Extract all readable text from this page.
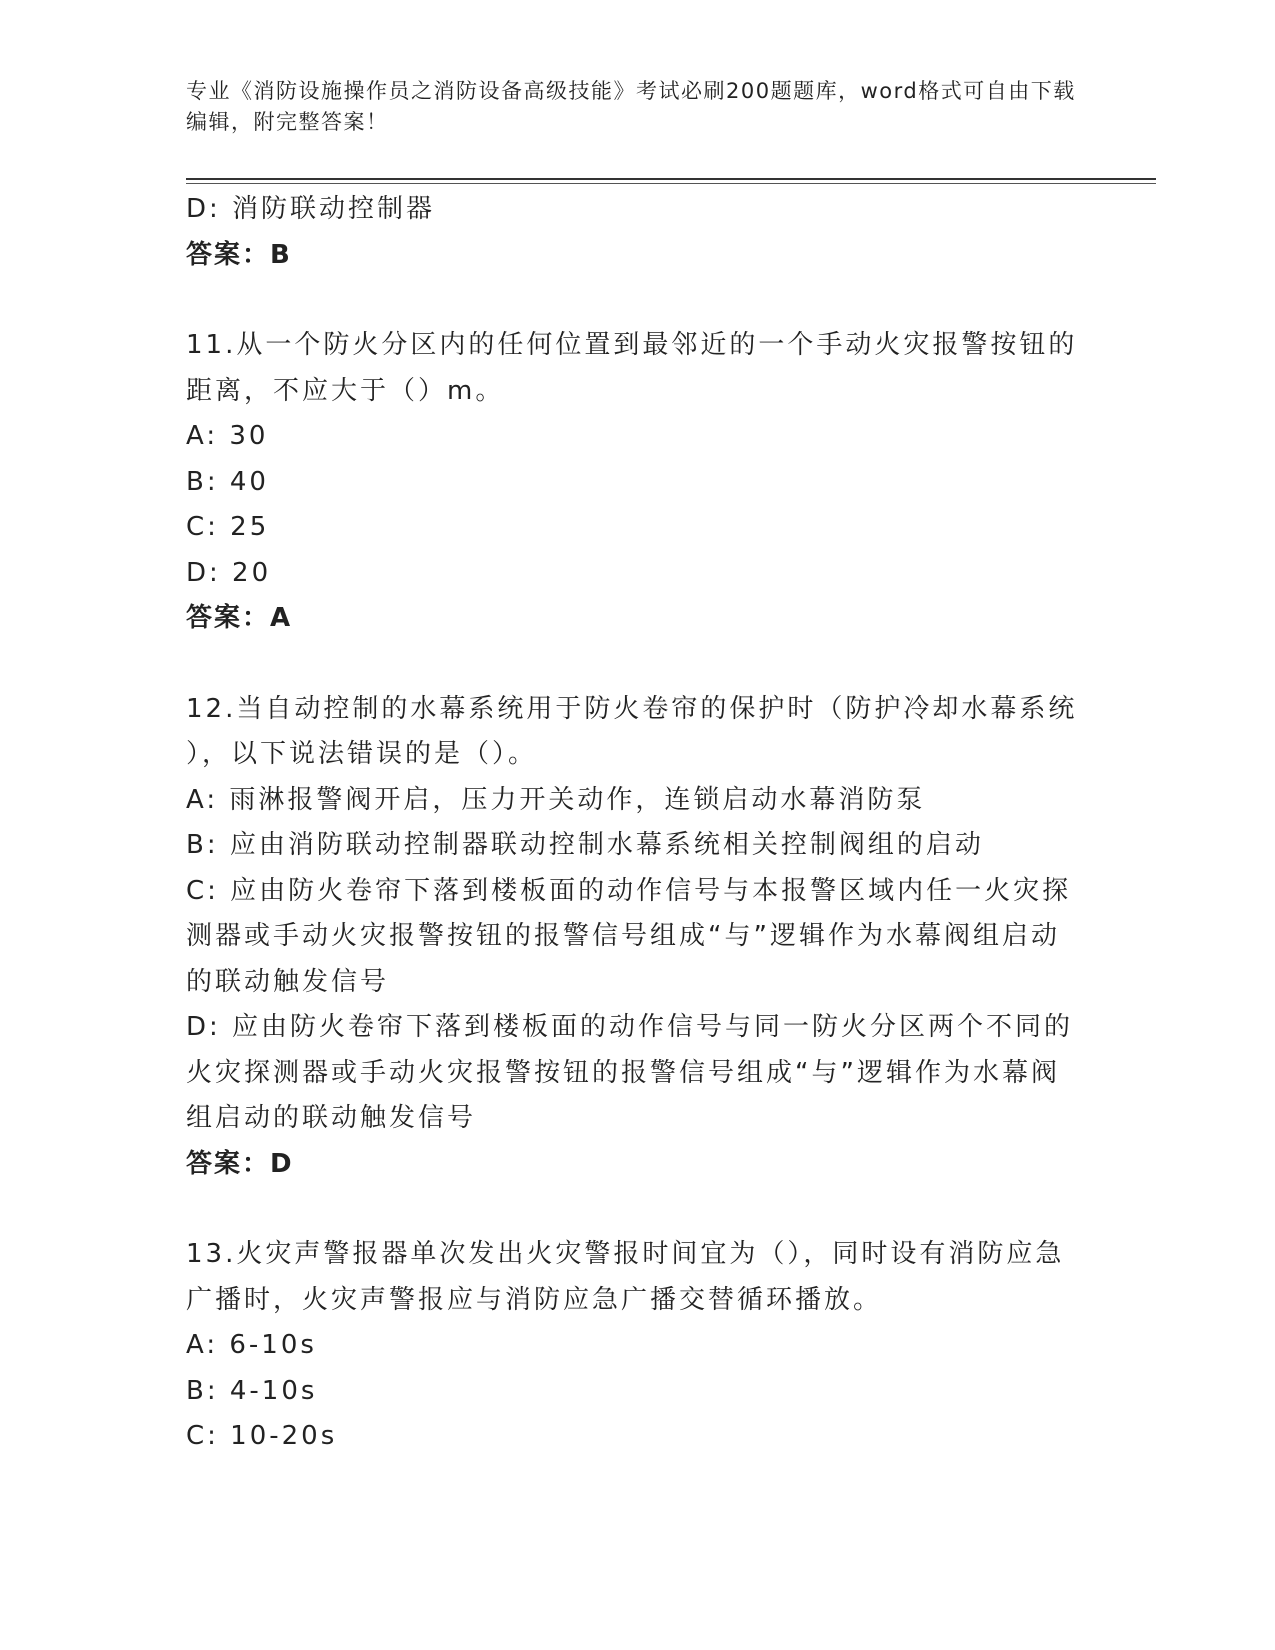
专业《消防设施操作员之消防设备高级技能》考试必刷200题题库，word格式可自由下载编辑，附完整答案！
D: 消防联动控制器
答案：B
11.从一个防火分区内的任何位置到最邻近的一个手动火灾报警按钮的
距离，不应大于（）m。
A: 30
B: 40
C: 25
D: 20
答案：A
12.当自动控制的水幕系统用于防火卷帘的保护时（防护冷却水幕系统
），以下说法错误的是（）。
A: 雨淋报警阀开启，压力开关动作，连锁启动水幕消防泵
B: 应由消防联动控制器联动控制水幕系统相关控制阀组的启动
C: 应由防火卷帘下落到楼板面的动作信号与本报警区域内任一火灾探测器或手动火灾报警按钮的报警信号组成“与”逻辑作为水幕阀组启动的联动触发信号
D: 应由防火卷帘下落到楼板面的动作信号与同一防火分区两个不同的火灾探测器或手动火灾报警按钮的报警信号组成“与”逻辑作为水幕阀组启动的联动触发信号
答案：D
13.火灾声警报器单次发出火灾警报时间宜为（），同时设有消防应急
广播时，火灾声警报应与消防应急广播交替循环播放。
A: 6-10s
B: 4-10s
C: 10-20s
